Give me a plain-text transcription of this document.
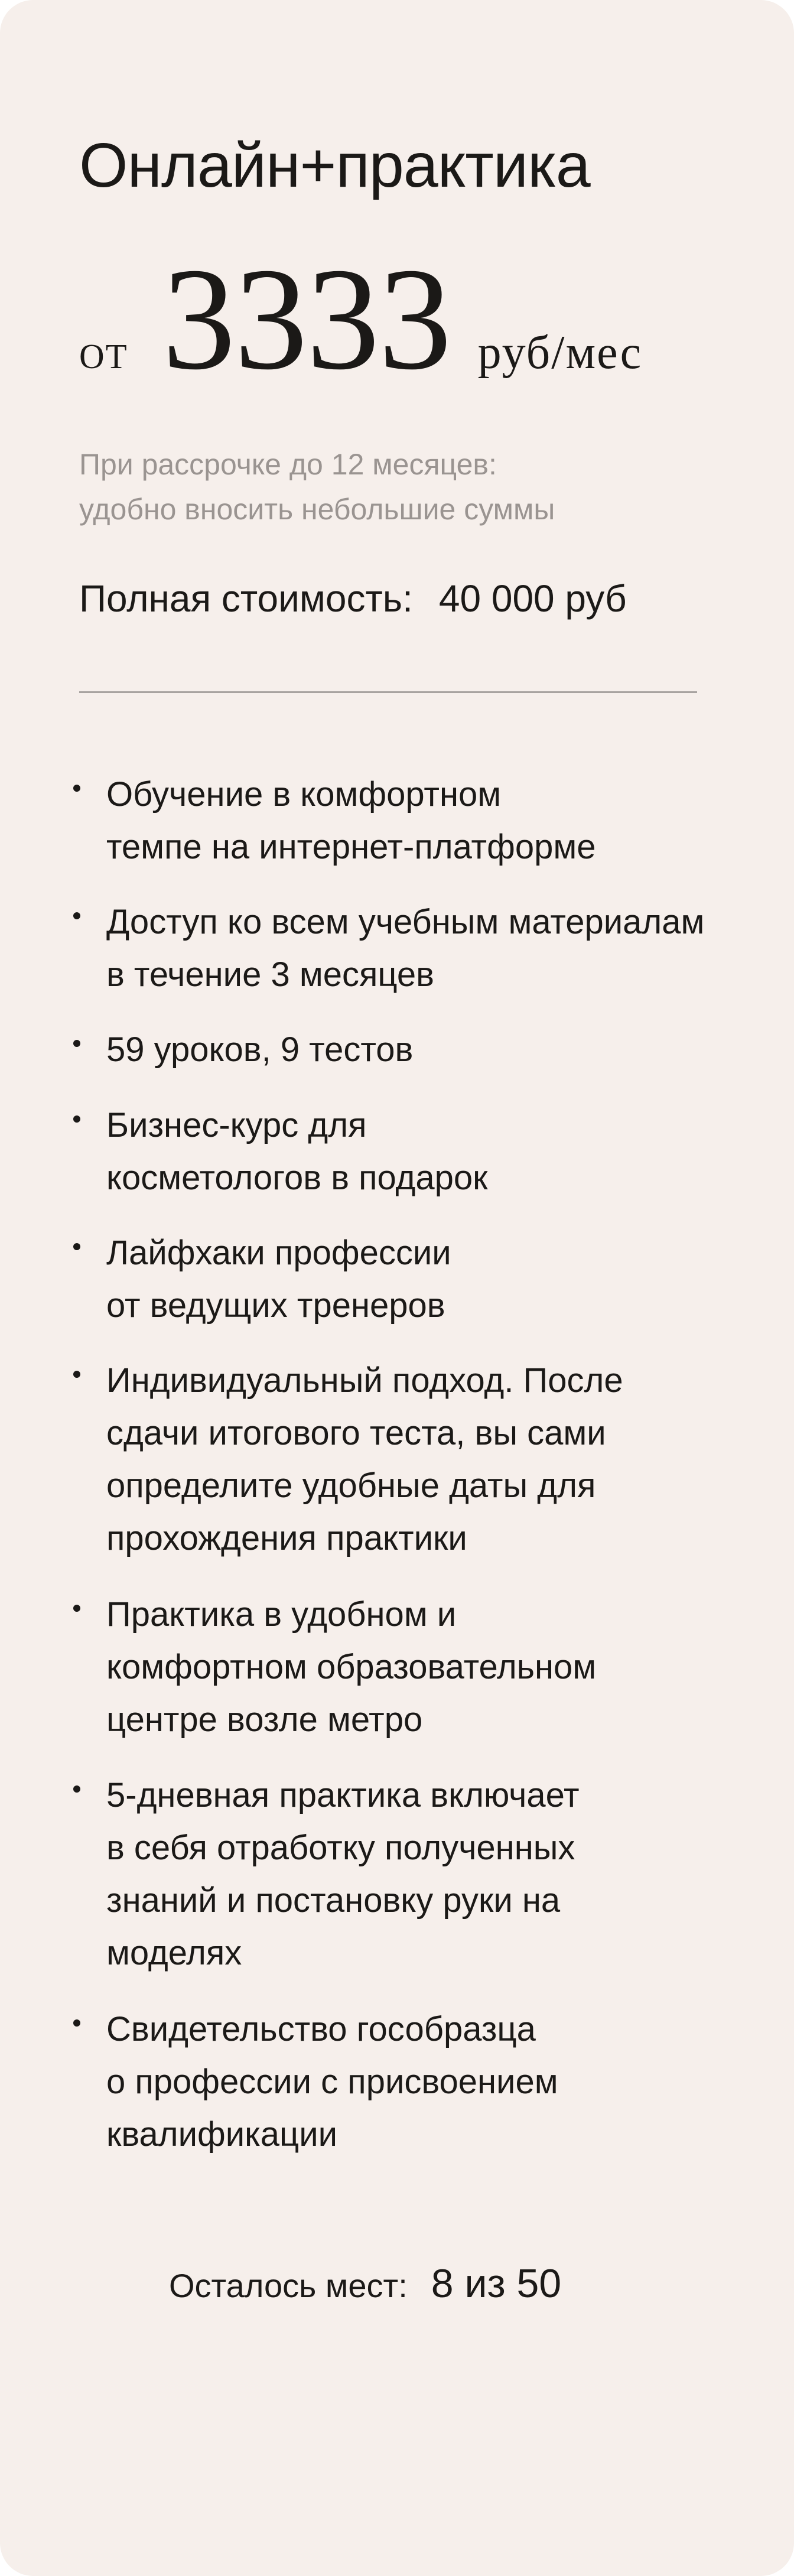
Онлайн+практика
от 3333 руб/мес
При рассрочке до 12 месяцев:
удобно вносить небольшие суммы
Полная стоимость: 40 000 руб
Обучение в комфортном
темпе на интернет-платформе
Доступ ко всем учебным материалам
в течение 3 месяцев
59 уроков, 9 тестов
Бизнес-курс для
косметологов в подарок
Лайфхаки профессии
от ведущих тренеров
Индивидуальный подход. После
сдачи итогового теста, вы сами
определите удобные даты для
прохождения практики
Практика в удобном и
комфортном образовательном
центре возле метро
5-дневная практика включает
в себя отработку полученных
знаний и постановку руки на
моделях
Свидетельство гособразца
о профессии с присвоением
квалификации
Осталось мест: 8 из 50
